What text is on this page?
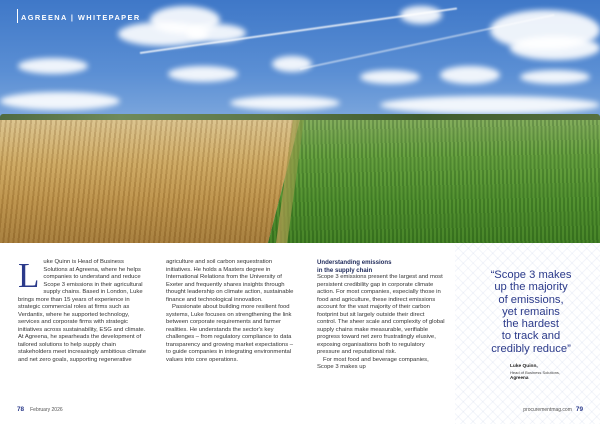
AGREENA | WHITEPAPER

Luke Quinn is Head of Business Solutions at Agreena, where he helps companies to understand and reduce Scope 3 emissions in their agricultural supply chains. Based in London, Luke brings more than 15 years of experience in strategic commercial roles at firms such as Verdantix, where he supported technology, services and corporate firms with strategic initiatives across sustainability, ESG and climate. At Agreena, he spearheads the development of tailored solutions to help supply chain stakeholders meet increasingly ambitious climate and net zero goals, supporting regenerative

agriculture and soil carbon sequestration initiatives. He holds a Masters degree in International Relations from the University of Exeter and frequently shares insights through thought leadership on climate action, sustainable finance and technological innovation.

Passionate about building more resilient food systems, Luke focuses on strengthening the link between corporate requirements and farmer realities. He understands the sector's key challenges – from regulatory compliance to data transparency and growing market expectations – to guide companies in integrating environmental values into core operations.

Understanding emissions
in the supply chain

Scope 3 emissions present the largest and most persistent credibility gap in corporate climate action. For most companies, especially those in food and agriculture, these indirect emissions account for the vast majority of their carbon footprint but sit largely outside their direct control. The sheer scale and complexity of global supply chains make measurable, verifiable progress toward net zero frustratingly elusive, exposing organisations both to regulatory pressure and reputational risk.

For most food and beverage companies, Scope 3 makes up

“Scope 3 makes
up the majority
of emissions,
yet remains
the hardest
to track and
credibly reduce”
Luke Quinn,
Head of Business Solutions,
Agreena
78 February 2026	procurementmag.com 79
